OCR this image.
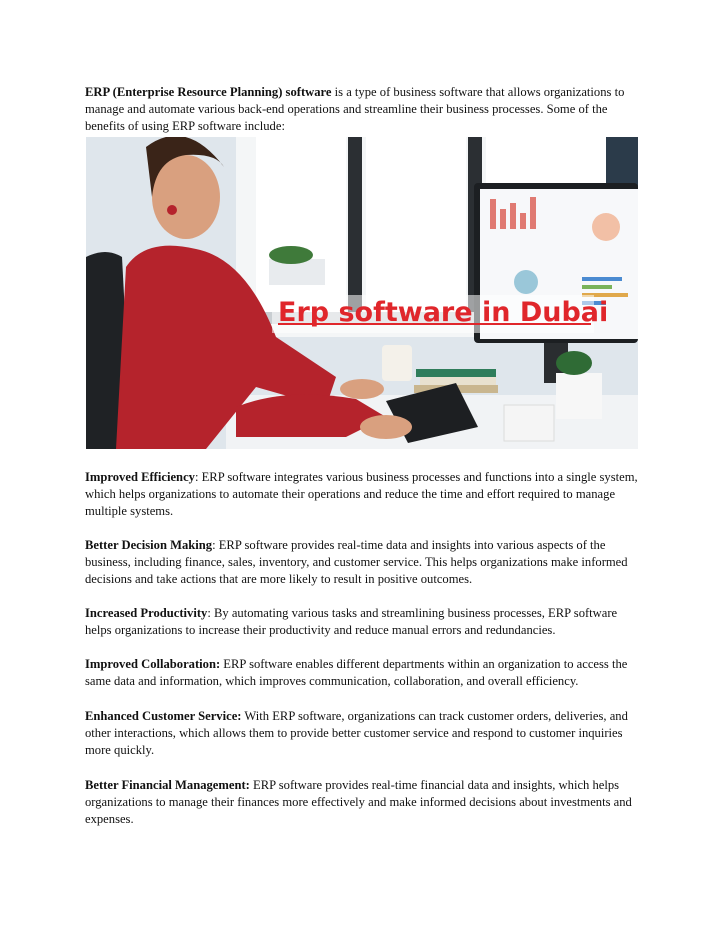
ERP (Enterprise Resource Planning) software is a type of business software that allows organizations to manage and automate various back-end operations and streamline their business processes. Some of the benefits of using ERP software include:

Erp software in Dubai

Improved Efficiency: ERP software integrates various business processes and functions into a single system, which helps organizations to automate their operations and reduce the time and effort required to manage multiple systems.

Better Decision Making: ERP software provides real-time data and insights into various aspects of the business, including finance, sales, inventory, and customer service. This helps organizations make informed decisions and take actions that are more likely to result in positive outcomes.

Increased Productivity: By automating various tasks and streamlining business processes, ERP software helps organizations to increase their productivity and reduce manual errors and redundancies.

Improved Collaboration: ERP software enables different departments within an organization to access the same data and information, which improves communication, collaboration, and overall efficiency.

Enhanced Customer Service: With ERP software, organizations can track customer orders, deliveries, and other interactions, which allows them to provide better customer service and respond to customer inquiries more quickly.

Better Financial Management: ERP software provides real-time financial data and insights, which helps organizations to manage their finances more effectively and make informed decisions about investments and expenses.
